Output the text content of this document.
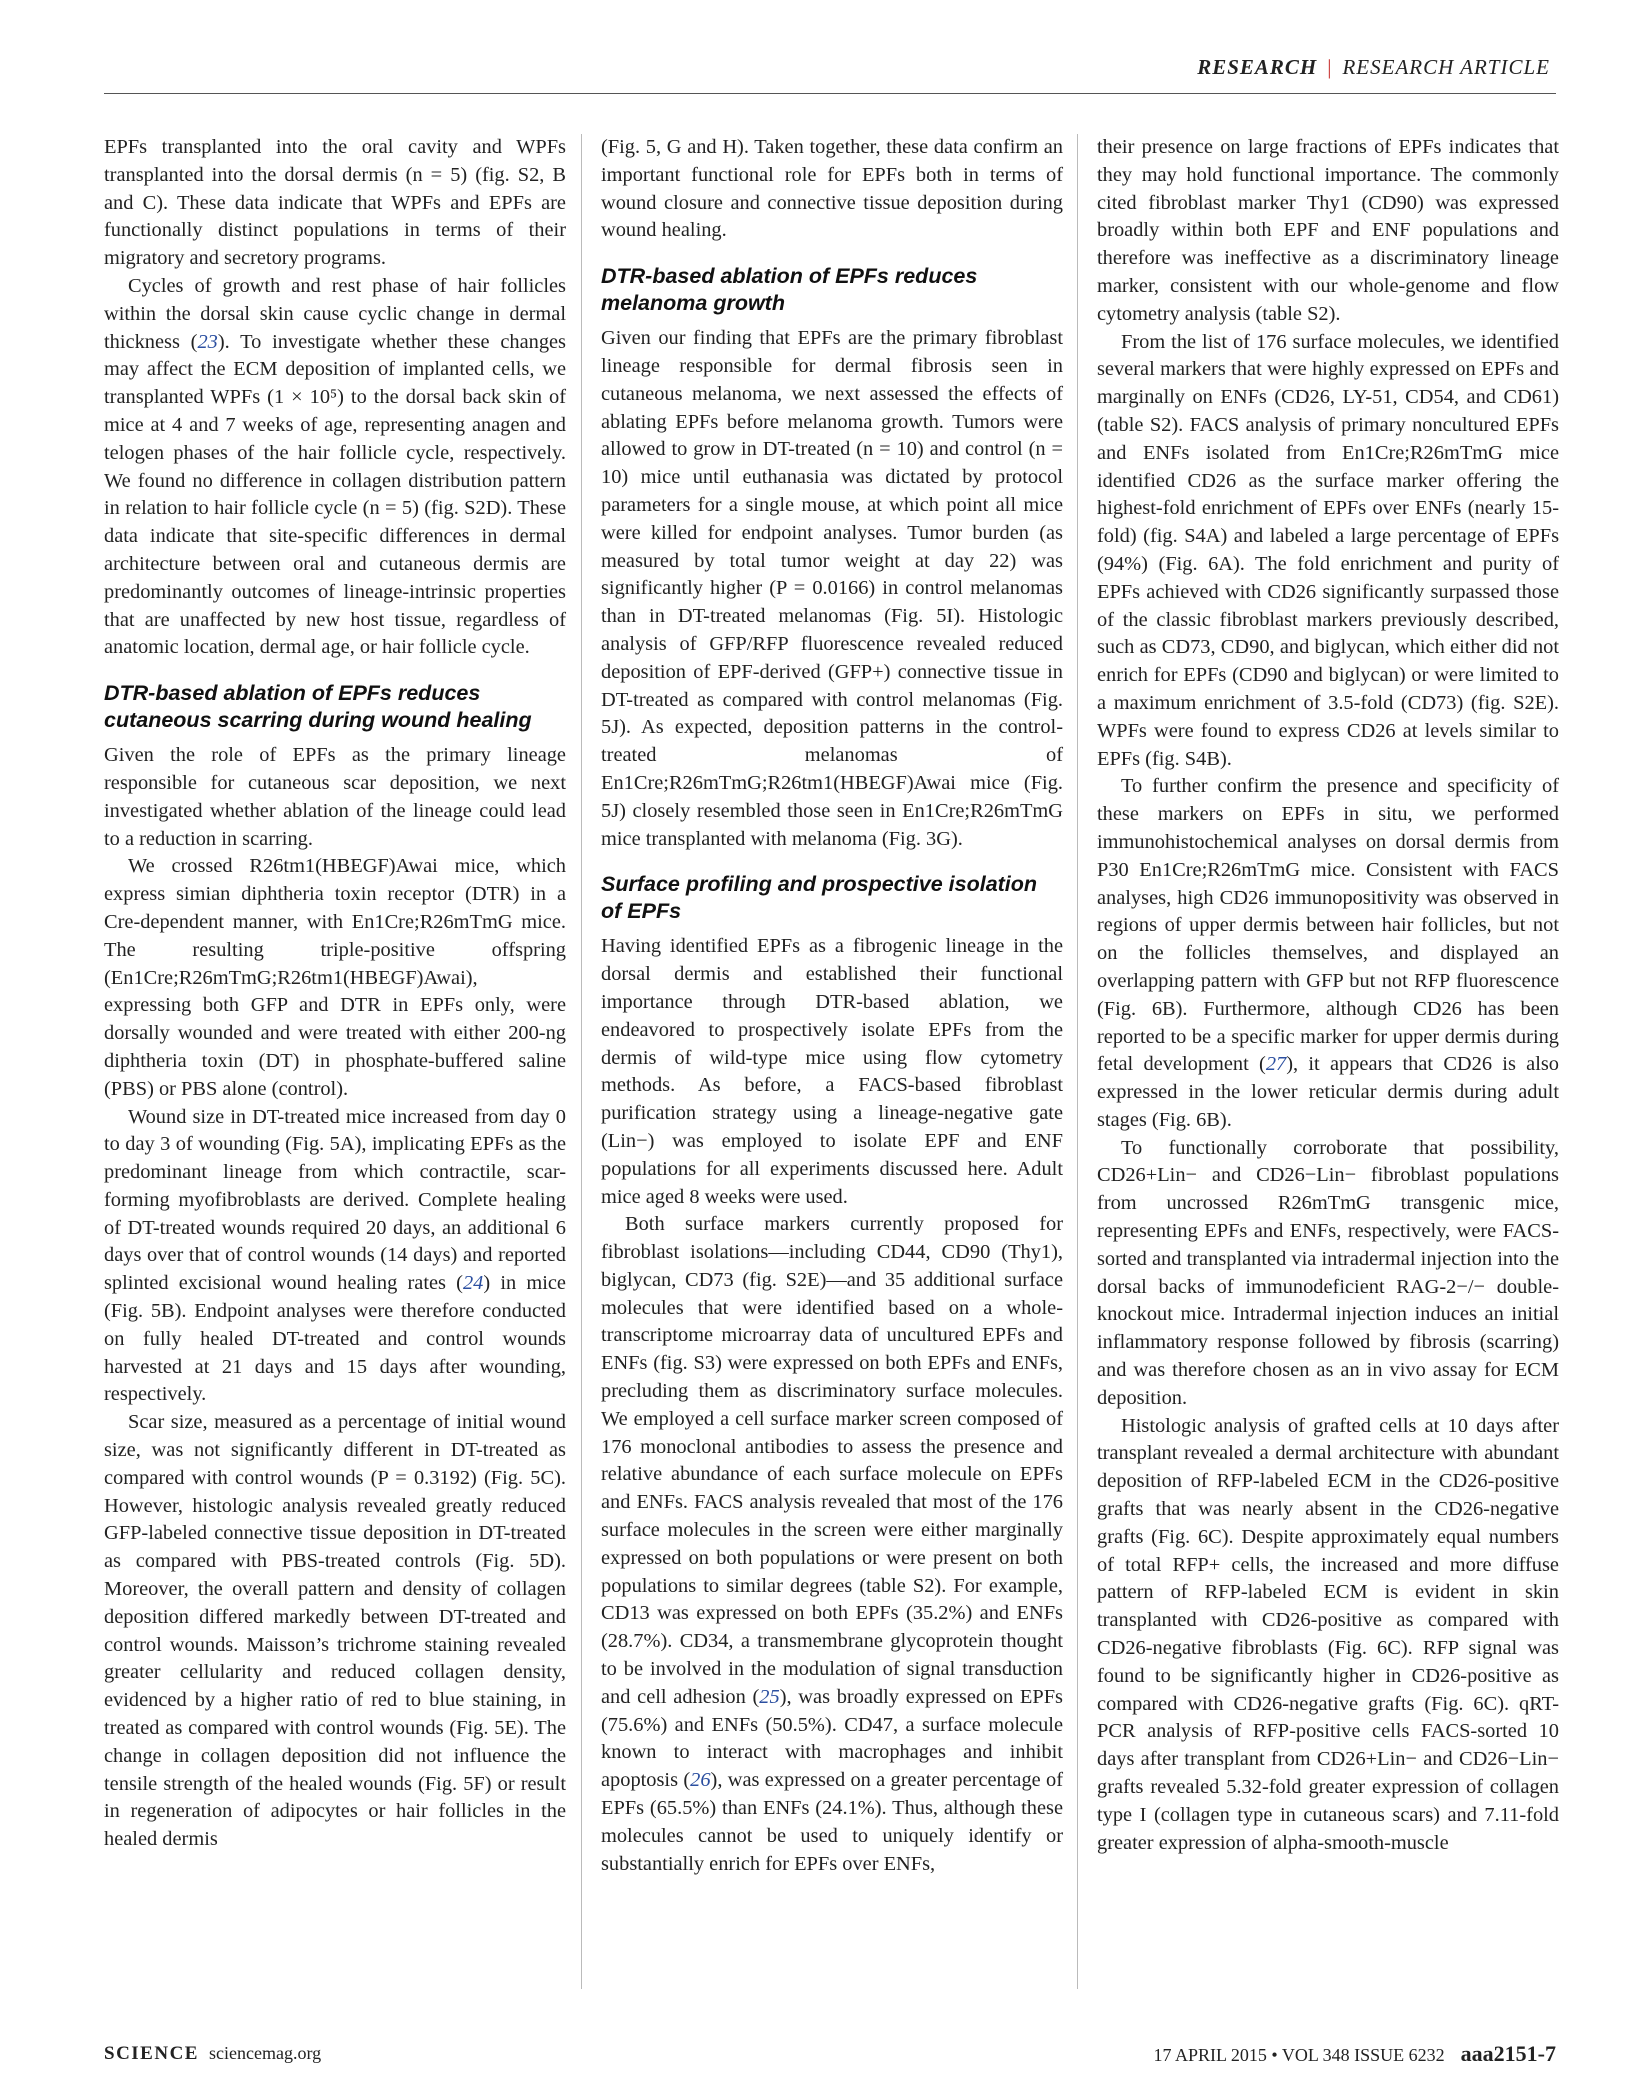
RESEARCH | RESEARCH ARTICLE

EPFs transplanted into the oral cavity and WPFs transplanted into the dorsal dermis (n = 5) (fig. S2, B and C). These data indicate that WPFs and EPFs are functionally distinct populations in terms of their migratory and secretory programs.

Cycles of growth and rest phase of hair follicles within the dorsal skin cause cyclic change in dermal thickness (23). To investigate whether these changes may affect the ECM deposition of implanted cells, we transplanted WPFs (1 × 10⁵) to the dorsal back skin of mice at 4 and 7 weeks of age, representing anagen and telogen phases of the hair follicle cycle, respectively. We found no difference in collagen distribution pattern in relation to hair follicle cycle (n = 5) (fig. S2D). These data indicate that site-specific differences in dermal architecture between oral and cutaneous dermis are predominantly outcomes of lineage-intrinsic properties that are unaffected by new host tissue, regardless of anatomic location, dermal age, or hair follicle cycle.

DTR-based ablation of EPFs reduces cutaneous scarring during wound healing

Given the role of EPFs as the primary lineage responsible for cutaneous scar deposition, we next investigated whether ablation of the lineage could lead to a reduction in scarring.

We crossed R26tm1(HBEGF)Awai mice, which express simian diphtheria toxin receptor (DTR) in a Cre-dependent manner, with En1Cre;R26mTmG mice. The resulting triple-positive offspring (En1Cre;R26mTmG;R26tm1(HBEGF)Awai), expressing both GFP and DTR in EPFs only, were dorsally wounded and were treated with either 200-ng diphtheria toxin (DT) in phosphate-buffered saline (PBS) or PBS alone (control).

Wound size in DT-treated mice increased from day 0 to day 3 of wounding (Fig. 5A), implicating EPFs as the predominant lineage from which contractile, scar-forming myofibroblasts are derived. Complete healing of DT-treated wounds required 20 days, an additional 6 days over that of control wounds (14 days) and reported splinted excisional wound healing rates (24) in mice (Fig. 5B). Endpoint analyses were therefore conducted on fully healed DT-treated and control wounds harvested at 21 days and 15 days after wounding, respectively.

Scar size, measured as a percentage of initial wound size, was not significantly different in DT-treated as compared with control wounds (P = 0.3192) (Fig. 5C). However, histologic analysis revealed greatly reduced GFP-labeled connective tissue deposition in DT-treated as compared with PBS-treated controls (Fig. 5D). Moreover, the overall pattern and density of collagen deposition differed markedly between DT-treated and control wounds. Maisson’s trichrome staining revealed greater cellularity and reduced collagen density, evidenced by a higher ratio of red to blue staining, in treated as compared with control wounds (Fig. 5E). The change in collagen deposition did not influence the tensile strength of the healed wounds (Fig. 5F) or result in regeneration of adipocytes or hair follicles in the healed dermis

(Fig. 5, G and H). Taken together, these data confirm an important functional role for EPFs both in terms of wound closure and connective tissue deposition during wound healing.

DTR-based ablation of EPFs reduces melanoma growth

Given our finding that EPFs are the primary fibroblast lineage responsible for dermal fibrosis seen in cutaneous melanoma, we next assessed the effects of ablating EPFs before melanoma growth. Tumors were allowed to grow in DT-treated (n = 10) and control (n = 10) mice until euthanasia was dictated by protocol parameters for a single mouse, at which point all mice were killed for endpoint analyses. Tumor burden (as measured by total tumor weight at day 22) was significantly higher (P = 0.0166) in control melanomas than in DT-treated melanomas (Fig. 5I). Histologic analysis of GFP/RFP fluorescence revealed reduced deposition of EPF-derived (GFP+) connective tissue in DT-treated as compared with control melanomas (Fig. 5J). As expected, deposition patterns in the control-treated melanomas of En1Cre;R26mTmG;R26tm1(HBEGF)Awai mice (Fig. 5J) closely resembled those seen in En1Cre;R26mTmG mice transplanted with melanoma (Fig. 3G).

Surface profiling and prospective isolation of EPFs

Having identified EPFs as a fibrogenic lineage in the dorsal dermis and established their functional importance through DTR-based ablation, we endeavored to prospectively isolate EPFs from the dermis of wild-type mice using flow cytometry methods. As before, a FACS-based fibroblast purification strategy using a lineage-negative gate (Lin−) was employed to isolate EPF and ENF populations for all experiments discussed here. Adult mice aged 8 weeks were used.

Both surface markers currently proposed for fibroblast isolations—including CD44, CD90 (Thy1), biglycan, CD73 (fig. S2E)—and 35 additional surface molecules that were identified based on a whole-transcriptome microarray data of uncultured EPFs and ENFs (fig. S3) were expressed on both EPFs and ENFs, precluding them as discriminatory surface molecules. We employed a cell surface marker screen composed of 176 monoclonal antibodies to assess the presence and relative abundance of each surface molecule on EPFs and ENFs. FACS analysis revealed that most of the 176 surface molecules in the screen were either marginally expressed on both populations or were present on both populations to similar degrees (table S2). For example, CD13 was expressed on both EPFs (35.2%) and ENFs (28.7%). CD34, a transmembrane glycoprotein thought to be involved in the modulation of signal transduction and cell adhesion (25), was broadly expressed on EPFs (75.6%) and ENFs (50.5%). CD47, a surface molecule known to interact with macrophages and inhibit apoptosis (26), was expressed on a greater percentage of EPFs (65.5%) than ENFs (24.1%). Thus, although these molecules cannot be used to uniquely identify or substantially enrich for EPFs over ENFs,

their presence on large fractions of EPFs indicates that they may hold functional importance. The commonly cited fibroblast marker Thy1 (CD90) was expressed broadly within both EPF and ENF populations and therefore was ineffective as a discriminatory lineage marker, consistent with our whole-genome and flow cytometry analysis (table S2).

From the list of 176 surface molecules, we identified several markers that were highly expressed on EPFs and marginally on ENFs (CD26, LY-51, CD54, and CD61) (table S2). FACS analysis of primary noncultured EPFs and ENFs isolated from En1Cre;R26mTmG mice identified CD26 as the surface marker offering the highest-fold enrichment of EPFs over ENFs (nearly 15-fold) (fig. S4A) and labeled a large percentage of EPFs (94%) (Fig. 6A). The fold enrichment and purity of EPFs achieved with CD26 significantly surpassed those of the classic fibroblast markers previously described, such as CD73, CD90, and biglycan, which either did not enrich for EPFs (CD90 and biglycan) or were limited to a maximum enrichment of 3.5-fold (CD73) (fig. S2E). WPFs were found to express CD26 at levels similar to EPFs (fig. S4B).

To further confirm the presence and specificity of these markers on EPFs in situ, we performed immunohistochemical analyses on dorsal dermis from P30 En1Cre;R26mTmG mice. Consistent with FACS analyses, high CD26 immunopositivity was observed in regions of upper dermis between hair follicles, but not on the follicles themselves, and displayed an overlapping pattern with GFP but not RFP fluorescence (Fig. 6B). Furthermore, although CD26 has been reported to be a specific marker for upper dermis during fetal development (27), it appears that CD26 is also expressed in the lower reticular dermis during adult stages (Fig. 6B).

To functionally corroborate that possibility, CD26+Lin− and CD26−Lin− fibroblast populations from uncrossed R26mTmG transgenic mice, representing EPFs and ENFs, respectively, were FACS-sorted and transplanted via intradermal injection into the dorsal backs of immunodeficient RAG-2−/− double-knockout mice. Intradermal injection induces an initial inflammatory response followed by fibrosis (scarring) and was therefore chosen as an in vivo assay for ECM deposition.

Histologic analysis of grafted cells at 10 days after transplant revealed a dermal architecture with abundant deposition of RFP-labeled ECM in the CD26-positive grafts that was nearly absent in the CD26-negative grafts (Fig. 6C). Despite approximately equal numbers of total RFP+ cells, the increased and more diffuse pattern of RFP-labeled ECM is evident in skin transplanted with CD26-positive as compared with CD26-negative fibroblasts (Fig. 6C). RFP signal was found to be significantly higher in CD26-positive as compared with CD26-negative grafts (Fig. 6C). qRT-PCR analysis of RFP-positive cells FACS-sorted 10 days after transplant from CD26+Lin− and CD26−Lin− grafts revealed 5.32-fold greater expression of collagen type I (collagen type in cutaneous scars) and 7.11-fold greater expression of alpha-smooth-muscle

SCIENCE sciencemag.org	17 APRIL 2015 • VOL 348 ISSUE 6232 aaa2151-7
